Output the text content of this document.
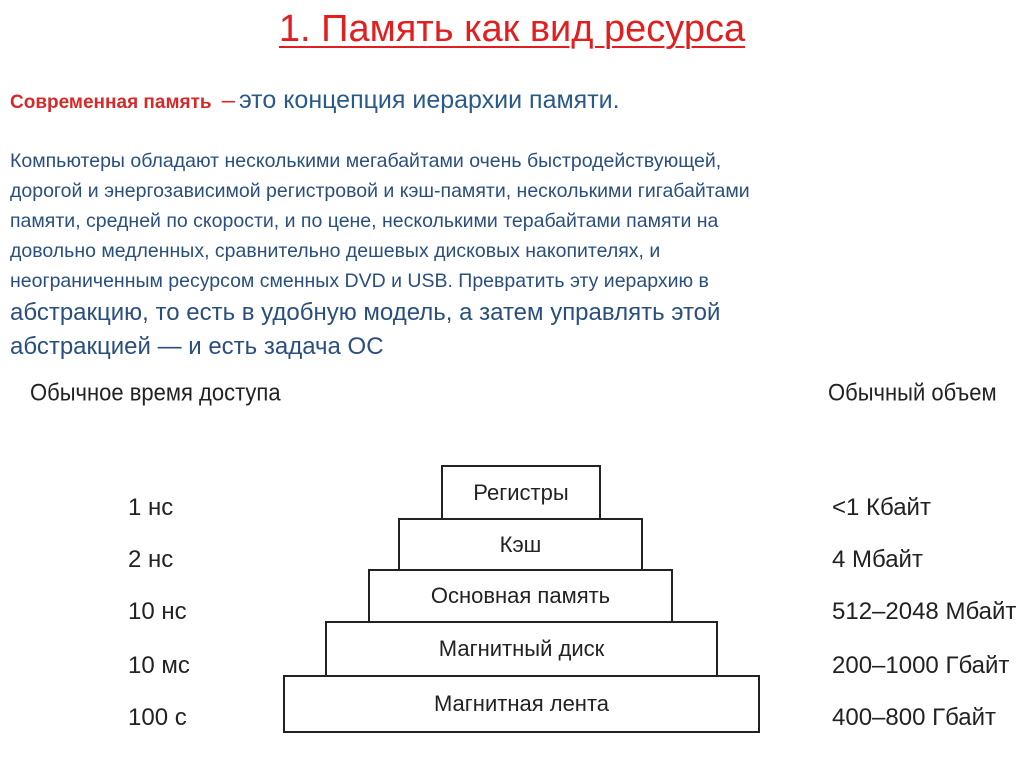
1. Память как вид ресурса
Современная память – это концепция иерархии памяти.
Компьютеры обладают несколькими мегабайтами очень быстродействующей,
дорогой и энергозависимой регистровой и кэш-памяти, несколькими гигабайтами
памяти, средней по скорости, и по цене, несколькими терабайтами памяти на
довольно медленных, сравнительно дешевых дисковых накопителях, и
неограниченным ресурсом сменных DVD и USB. Превратить эту иерархию в
абстракцию, то есть в удобную модель, а затем управлять этой
абстракцией — и есть задача ОС
Обычное время доступа	Обычный объем
Регистры
Кэш
Основная память
Магнитный диск
Магнитная лента
1 нс
2 нс
10 нс
10 мс
100 с
<1 Кбайт
4 Мбайт
512–2048 Мбайт
200–1000 Гбайт
400–800 Гбайт
